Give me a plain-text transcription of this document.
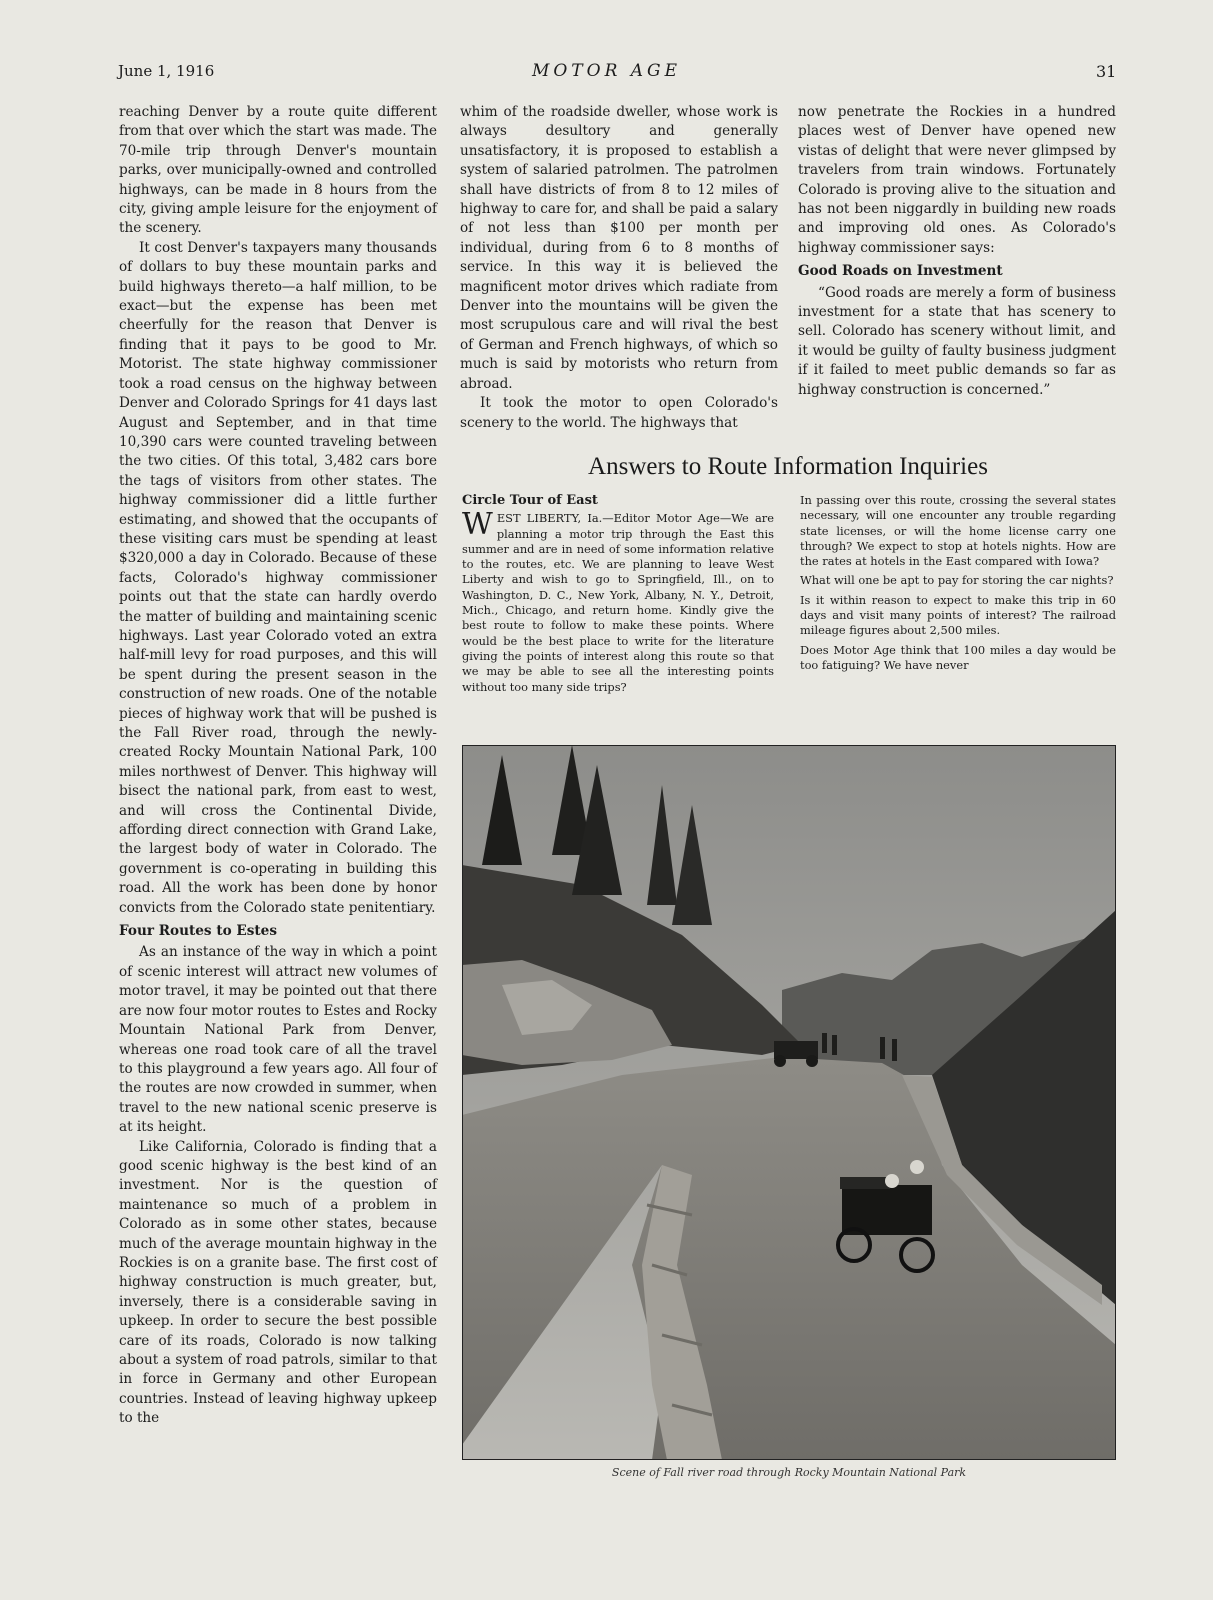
June 1, 1916	MOTOR AGE	31

reaching Denver by a route quite different from that over which the start was made. The 70-mile trip through Denver's mountain parks, over municipally-owned and controlled highways, can be made in 8 hours from the city, giving ample leisure for the enjoyment of the scenery.

It cost Denver's taxpayers many thousands of dollars to buy these mountain parks and build highways thereto—a half million, to be exact—but the expense has been met cheerfully for the reason that Denver is finding that it pays to be good to Mr. Motorist. The state highway commissioner took a road census on the highway between Denver and Colorado Springs for 41 days last August and September, and in that time 10,390 cars were counted traveling between the two cities. Of this total, 3,482 cars bore the tags of visitors from other states. The highway commissioner did a little further estimating, and showed that the occupants of these visiting cars must be spending at least $320,000 a day in Colorado. Because of these facts, Colorado's highway commissioner points out that the state can hardly overdo the matter of building and maintaining scenic highways. Last year Colorado voted an extra half-mill levy for road purposes, and this will be spent during the present season in the construction of new roads. One of the notable pieces of highway work that will be pushed is the Fall River road, through the newly-created Rocky Mountain National Park, 100 miles northwest of Denver. This highway will bisect the national park, from east to west, and will cross the Continental Divide, affording direct connection with Grand Lake, the largest body of water in Colorado. The government is co-operating in building this road. All the work has been done by honor convicts from the Colorado state penitentiary.

Four Routes to Estes

As an instance of the way in which a point of scenic interest will attract new volumes of motor travel, it may be pointed out that there are now four motor routes to Estes and Rocky Mountain National Park from Denver, whereas one road took care of all the travel to this playground a few years ago. All four of the routes are now crowded in summer, when travel to the new national scenic preserve is at its height.

Like California, Colorado is finding that a good scenic highway is the best kind of an investment. Nor is the question of maintenance so much of a problem in Colorado as in some other states, because much of the average mountain highway in the Rockies is on a granite base. The first cost of highway construction is much greater, but, inversely, there is a considerable saving in upkeep. In order to secure the best possible care of its roads, Colorado is now talking about a system of road patrols, similar to that in force in Germany and other European countries. Instead of leaving highway upkeep to the

whim of the roadside dweller, whose work is always desultory and generally unsatisfactory, it is proposed to establish a system of salaried patrolmen. The patrolmen shall have districts of from 8 to 12 miles of highway to care for, and shall be paid a salary of not less than $100 per month per individual, during from 6 to 8 months of service. In this way it is believed the magnificent motor drives which radiate from Denver into the mountains will be given the most scrupulous care and will rival the best of German and French highways, of which so much is said by motorists who return from abroad.

It took the motor to open Colorado's scenery to the world. The highways that

now penetrate the Rockies in a hundred places west of Denver have opened new vistas of delight that were never glimpsed by travelers from train windows. Fortunately Colorado is proving alive to the situation and has not been niggardly in building new roads and improving old ones. As Colorado's highway commissioner says:

Good Roads on Investment

“Good roads are merely a form of business investment for a state that has scenery to sell. Colorado has scenery without limit, and it would be guilty of faulty business judgment if it failed to meet public demands so far as highway construction is concerned.”

Answers to Route Information Inquiries
Circle Tour of East

WEST LIBERTY, Ia.—Editor Motor Age—We are planning a motor trip through the East this summer and are in need of some information relative to the routes, etc. We are planning to leave West Liberty and wish to go to Springfield, Ill., on to Washington, D. C., New York, Albany, N. Y., Detroit, Mich., Chicago, and return home. Kindly give the best route to follow to make these points. Where would be the best place to write for the literature giving the points of interest along this route so that we may be able to see all the interesting points without too many side trips?

In passing over this route, crossing the several states necessary, will one encounter any trouble regarding state licenses, or will the home license carry one through? We expect to stop at hotels nights. How are the rates at hotels in the East compared with Iowa?

What will one be apt to pay for storing the car nights?

Is it within reason to expect to make this trip in 60 days and visit many points of interest? The railroad mileage figures about 2,500 miles.

Does Motor Age think that 100 miles a day would be too fatiguing? We have never

Scene of Fall river road through Rocky Mountain National Park
